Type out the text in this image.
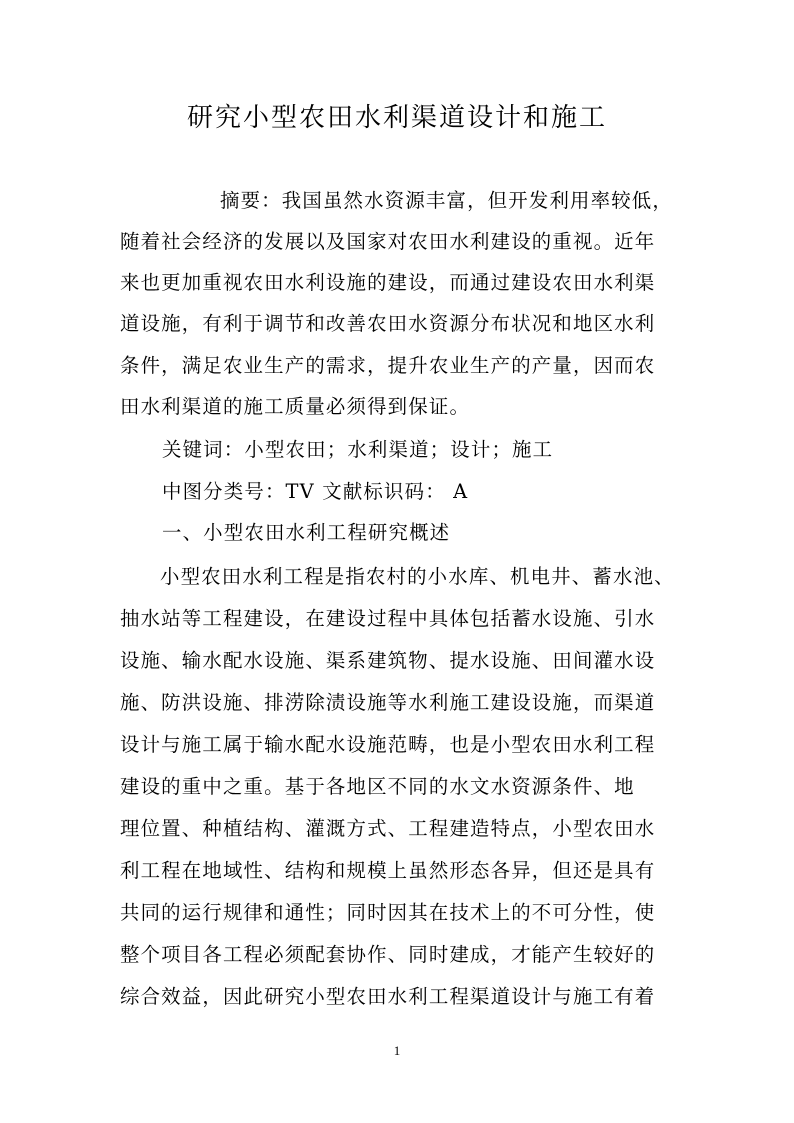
研究小型农田水利渠道设计和施工
摘要：我国虽然水资源丰富，但开发利用率较低，
随着社会经济的发展以及国家对农田水利建设的重视。近年
来也更加重视农田水利设施的建设，而通过建设农田水利渠
道设施，有利于调节和改善农田水资源分布状况和地区水利
条件，满足农业生产的需求，提升农业生产的产量，因而农
田水利渠道的施工质量必须得到保证。
关键词：小型农田；水利渠道；设计；施工
中图分类号：TV 文献标识码： A
一、小型农田水利工程研究概述
小型农田水利工程是指农村的小水库、机电井、蓄水池、
抽水站等工程建设，在建设过程中具体包括蓄水设施、引水
设施、输水配水设施、渠系建筑物、提水设施、田间灌水设
施、防洪设施、排涝除渍设施等水利施工建设设施，而渠道
设计与施工属于输水配水设施范畴，也是小型农田水利工程
建设的重中之重。基于各地区不同的水文水资源条件、地
理位置、种植结构、灌溉方式、工程建造特点，小型农田水
利工程在地域性、结构和规模上虽然形态各异，但还是具有
共同的运行规律和通性；同时因其在技术上的不可分性，使
整个项目各工程必须配套协作、同时建成，才能产生较好的
综合效益，因此研究小型农田水利工程渠道设计与施工有着
1
